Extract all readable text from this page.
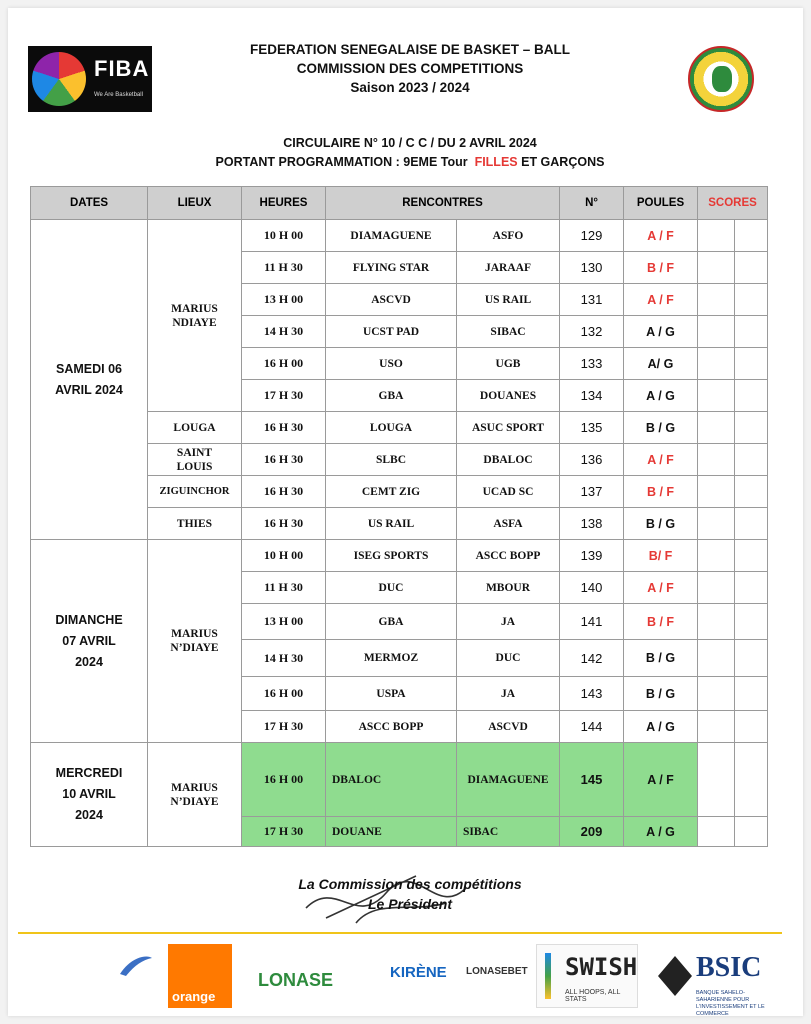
FIBA
We Are Basketball
FEDERATION SENEGALAISE DE BASKET – BALL
COMMISSION DES COMPETITIONS
Saison 2023 / 2024
CIRCULAIRE N° 10 / C C / DU 2 AVRIL 2024
PORTANT PROGRAMMATION : 9EME Tour FILLES ET GARÇONS
DATES	LIEUX	HEURES	RENCONTRES		N°	POULES	SCORES	

SAMEDI 06 AVRIL 2024	MARIUS NDIAYE	10 H 00	DIAMAGUENE	ASFO	129	A / F		
		11 H 30	FLYING STAR	JARAAF	130	B / F		
		13 H 00	ASCVD	US RAIL	131	A / F		
		14 H 30	UCST PAD	SIBAC	132	A / G		
		16 H 00	USO	UGB	133	A/ G		
		17 H 30	GBA	DOUANES	134	A / G		
	LOUGA	16 H 30	LOUGA	ASUC SPORT	135	B / G		

	SAINT LOUIS	16 H 30	SLBC	DBALOC	136	A / F		
	ZIGUINCHOR	16 H 30	CEMT ZIG	UCAD SC	137	B / F		
	THIES	16 H 30	US RAIL	ASFA	138	B / G		

DIMANCHE 07 AVRIL 2024	MARIUS N’DIAYE	10 H 00	ISEG SPORTS	ASCC BOPP	139	B/ F		
		11 H 30	DUC	MBOUR	140	A / F		
		13 H 00	GBA	JA	141	B / F		
		14 H 30	MERMOZ	DUC	142	B / G		
		16 H 00	USPA	JA	143	B / G		
		17 H 30	ASCC BOPP	ASCVD	144	A / G		

MERCREDI 10 AVRIL 2024	MARIUS N’DIAYE	16 H 00	DBALOC	DIAMAGUENE	145	A / F		
		17 H 30	DOUANE	SIBAC	209	A / G		
La Commission des compétitions
Le Président
orange
LONASE	KIRÈNE LONASEBET SWISH
ALL HOOPS, ALL STATS
BSIC
BANQUE SAHELO-SAHARIENNE POUR L'INVESTISSEMENT ET LE COMMERCE
